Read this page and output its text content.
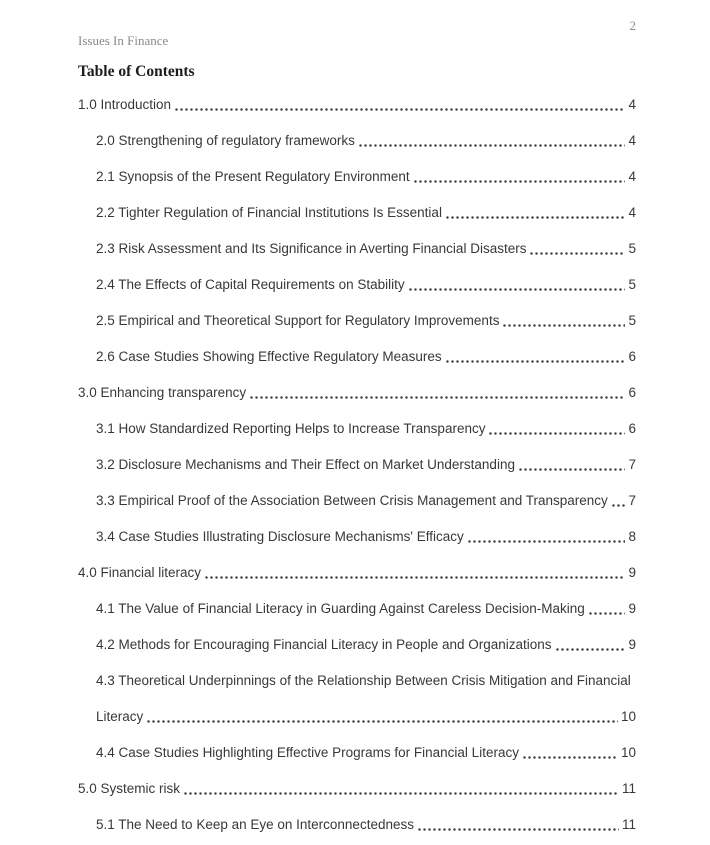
2
Issues In Finance
Table of Contents
1.0 Introduction	4
2.0 Strengthening of regulatory frameworks	4
2.1 Synopsis of the Present Regulatory Environment	4
2.2 Tighter Regulation of Financial Institutions Is Essential	4
2.3 Risk Assessment and Its Significance in Averting Financial Disasters	5
2.4 The Effects of Capital Requirements on Stability	5
2.5 Empirical and Theoretical Support for Regulatory Improvements	5
2.6 Case Studies Showing Effective Regulatory Measures	6
3.0 Enhancing transparency	6
3.1 How Standardized Reporting Helps to Increase Transparency	6
3.2 Disclosure Mechanisms and Their Effect on Market Understanding	7
3.3 Empirical Proof of the Association Between Crisis Management and Transparency 7
3.4 Case Studies Illustrating Disclosure Mechanisms' Efficacy	8
4.0 Financial literacy	9
4.1 The Value of Financial Literacy in Guarding Against Careless Decision-Making	9
4.2 Methods for Encouraging Financial Literacy in People and Organizations	9
4.3 Theoretical Underpinnings of the Relationship Between Crisis Mitigation and Financial
Literacy	10
4.4 Case Studies Highlighting Effective Programs for Financial Literacy	10
5.0 Systemic risk	11
5.1 The Need to Keep an Eye on Interconnectedness	11
